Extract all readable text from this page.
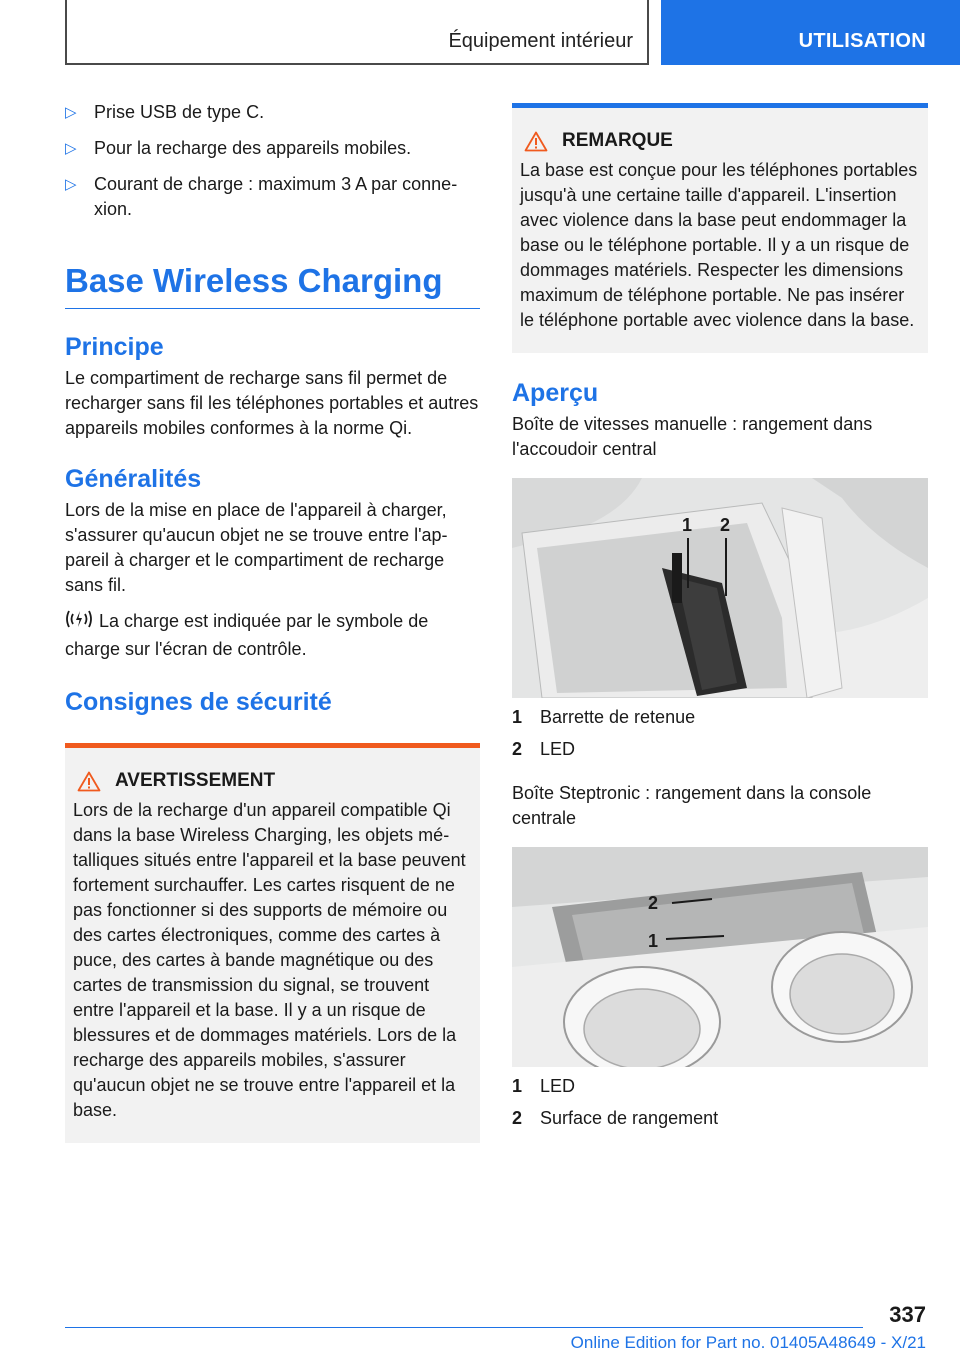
Équipement intérieur	UTILISATION
▷ Prise USB de type C.
▷ Pour la recharge des appareils mobiles.
▷ Courant de charge : maximum 3 A par connexion.
Base Wireless Charging
Principe

Le compartiment de recharge sans fil permet de recharger sans fil les téléphones portables et autres appareils mobiles conformes à la norme Qi.

Généralités

Lors de la mise en place de l'appareil à charger, s'assurer qu'aucun objet ne se trouve entre l'appareil à charger et le compartiment de recharge sans fil.

La charge est indiquée par le symbole de charge sur l'écran de contrôle.

Consignes de sécurité
AVERTISSEMENT

Lors de la recharge d'un appareil compatible Qi dans la base Wireless Charging, les objets métalliques situés entre l'appareil et la base peuvent fortement surchauffer. Les cartes risquent de ne pas fonctionner si des supports de mémoire ou des cartes électroniques, comme des cartes à puce, des cartes à bande magnétique ou des cartes de transmission du signal, se trouvent entre l'appareil et la base. Il y a un risque de blessures et de dommages matériels. Lors de la recharge des appareils mobiles, s'assurer qu'aucun objet ne se trouve entre l'appareil et la base.

REMARQUE

La base est conçue pour les téléphones portables jusqu'à une certaine taille d'appareil. L'insertion avec violence dans la base peut endommager la base ou le téléphone portable. Il y a un risque de dommages matériels. Respecter les dimensions maximum de téléphone portable. Ne pas insérer le téléphone portable avec violence dans la base.

Aperçu

Boîte de vitesses manuelle : rangement dans l'accoudoir central

1 2
1 Barrette de retenue
2 LED

Boîte Steptronic : rangement dans la console centrale

2
1
1 LED
2 Surface de rangement
337
Online Edition for Part no. 01405A48649 - X/21
